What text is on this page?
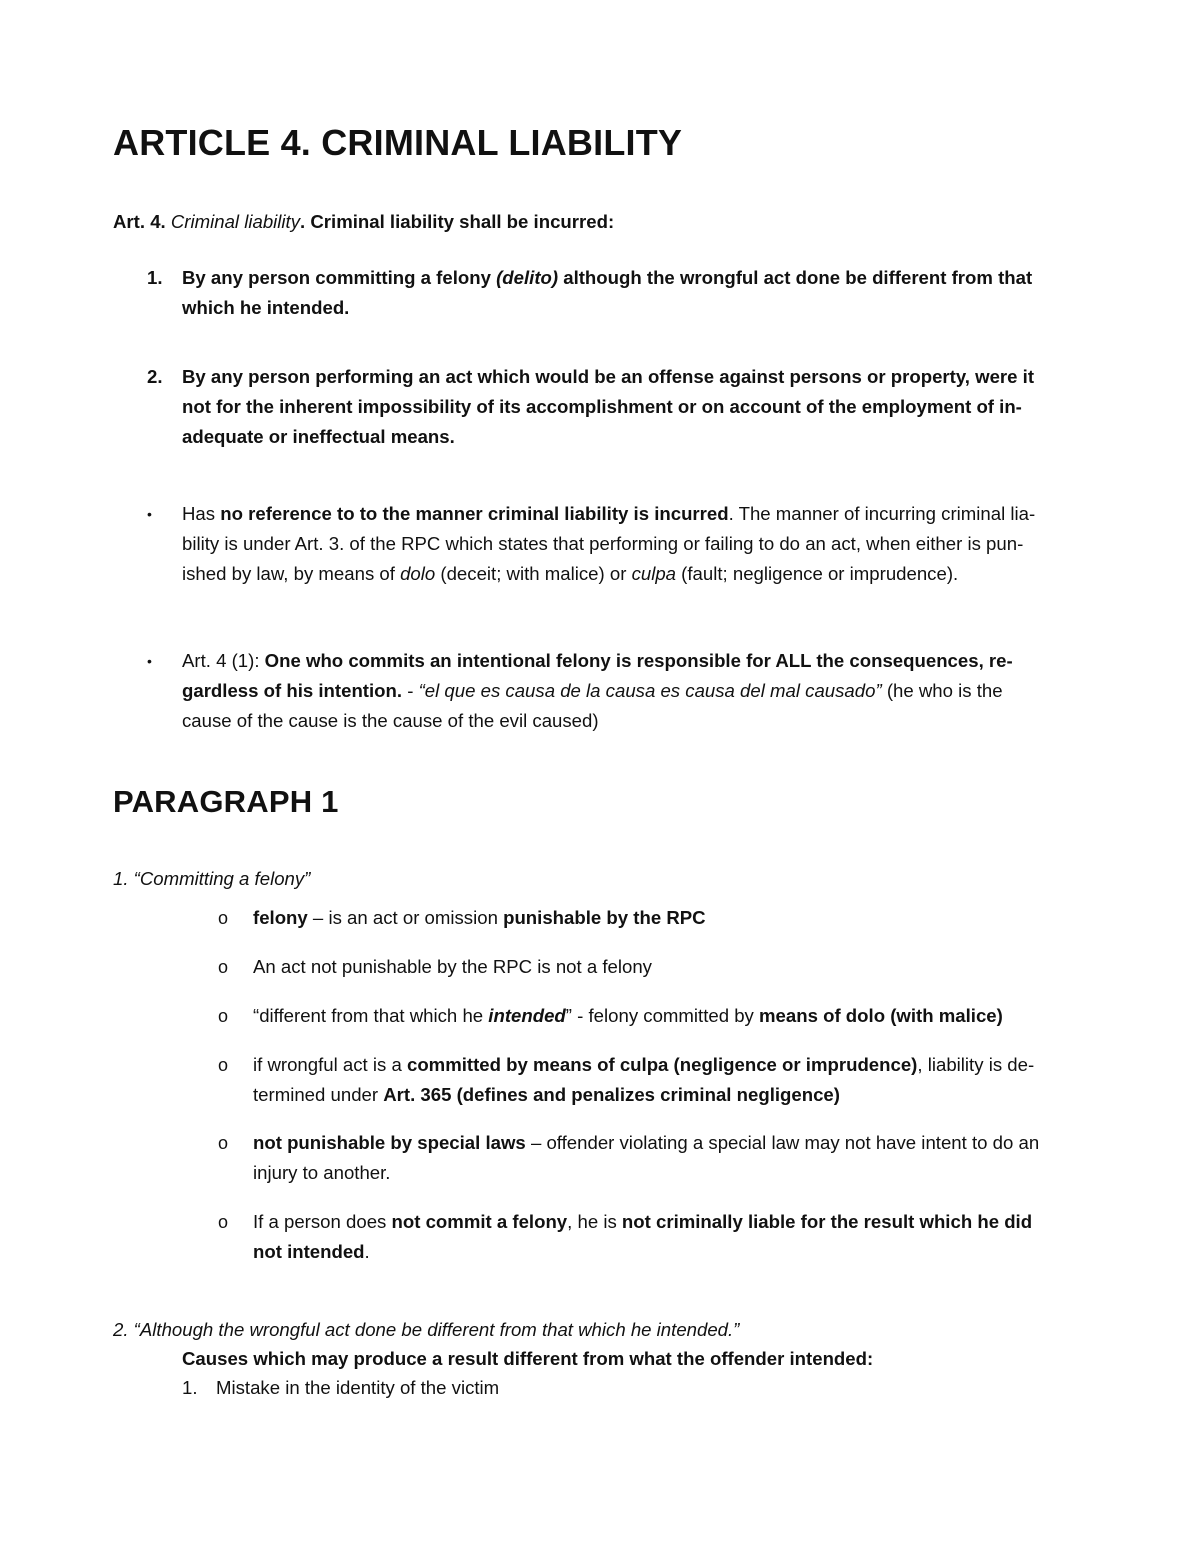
ARTICLE 4. CRIMINAL LIABILITY
Art. 4. Criminal liability. Criminal liability shall be incurred:
1. By any person committing a felony (delito) although the wrongful act done be different from that
which he intended.
2. By any person performing an act which would be an offense against persons or property, were it
not for the inherent impossibility of its accomplishment or on account of the employment of in-
adequate or ineffectual means.
• Has no reference to to the manner criminal liability is incurred. The manner of incurring criminal lia-
bility is under Art. 3. of the RPC which states that performing or failing to do an act, when either is pun-
ished by law, by means of dolo (deceit; with malice) or culpa (fault; negligence or imprudence).
• Art. 4 (1): One who commits an intentional felony is responsible for ALL the consequences, re-
gardless of his intention. - “el que es causa de la causa es causa del mal causado” (he who is the
cause of the cause is the cause of the evil caused)
PARAGRAPH 1
1. “Committing a felony”
o felony – is an act or omission punishable by the RPC
o An act not punishable by the RPC is not a felony
o “different from that which he intended” - felony committed by means of dolo (with malice)
o if wrongful act is a committed by means of culpa (negligence or imprudence), liability is de-
termined under Art. 365 (defines and penalizes criminal negligence)
o not punishable by special laws – offender violating a special law may not have intent to do an
injury to another.
o If a person does not commit a felony, he is not criminally liable for the result which he did
not intended.
2. “Although the wrongful act done be different from that which he intended.”
Causes which may produce a result different from what the offender intended:
1. Mistake in the identity of the victim
